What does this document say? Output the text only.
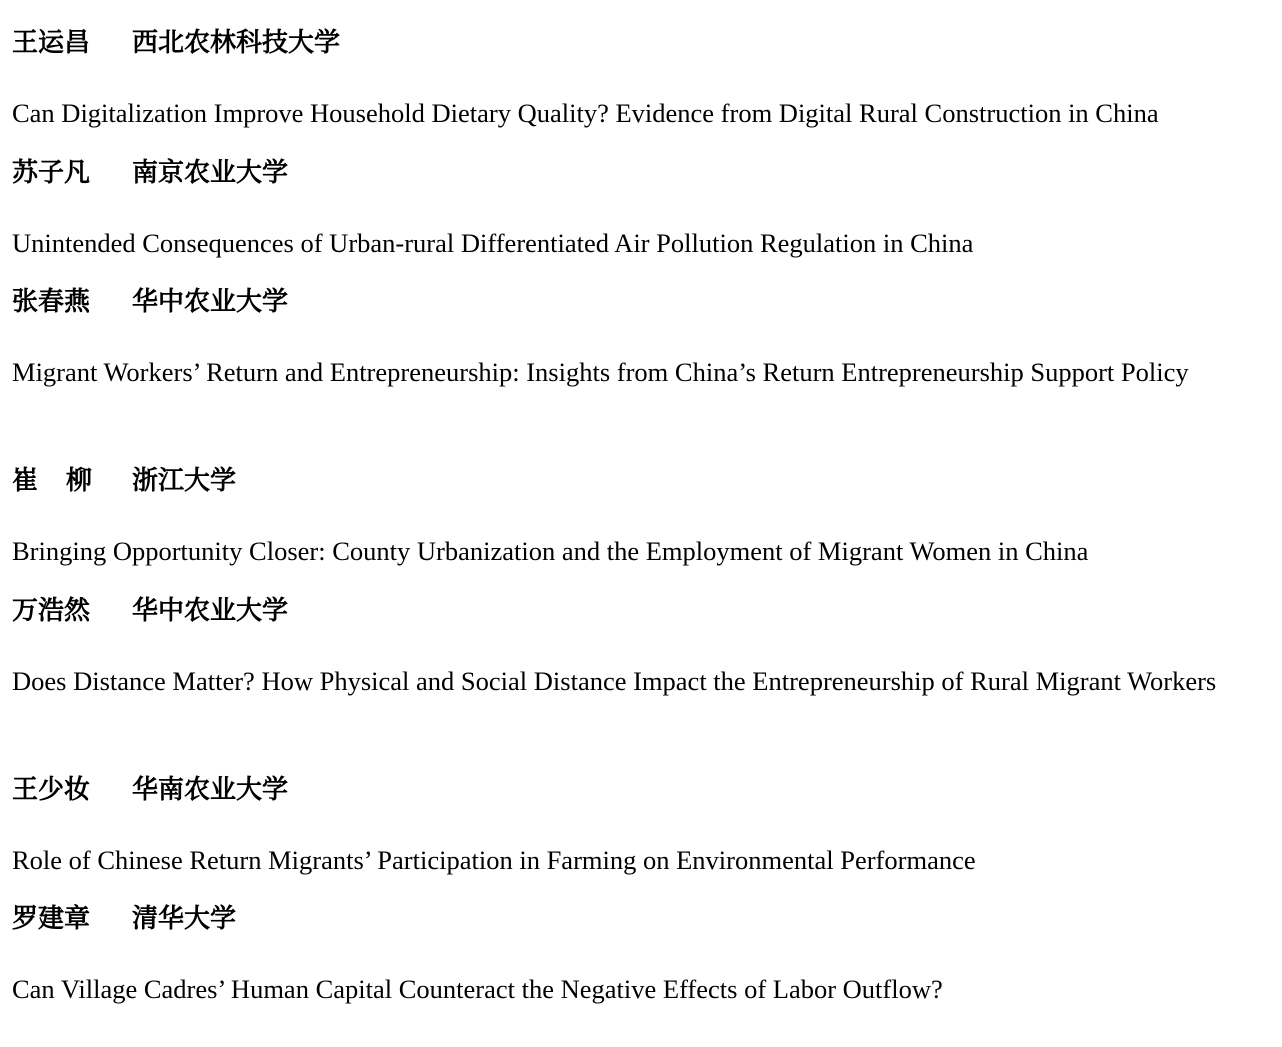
王运昌 西北农林科技大学
Can Digitalization Improve Household Dietary Quality? Evidence from Digital Rural Construction in China
苏子凡 南京农业大学
Unintended Consequences of Urban-rural Differentiated Air Pollution Regulation in China
张春燕 华中农业大学
Migrant Workers’ Return and Entrepreneurship: Insights from China’s Return Entrepreneurship Support Policy
崔柳 浙江大学
Bringing Opportunity Closer: County Urbanization and the Employment of Migrant Women in China
万浩然 华中农业大学
Does Distance Matter? How Physical and Social Distance Impact the Entrepreneurship of Rural Migrant Workers
王少妆 华南农业大学
Role of Chinese Return Migrants’ Participation in Farming on Environmental Performance
罗建章 清华大学
Can Village Cadres’ Human Capital Counteract the Negative Effects of Labor Outflow?
